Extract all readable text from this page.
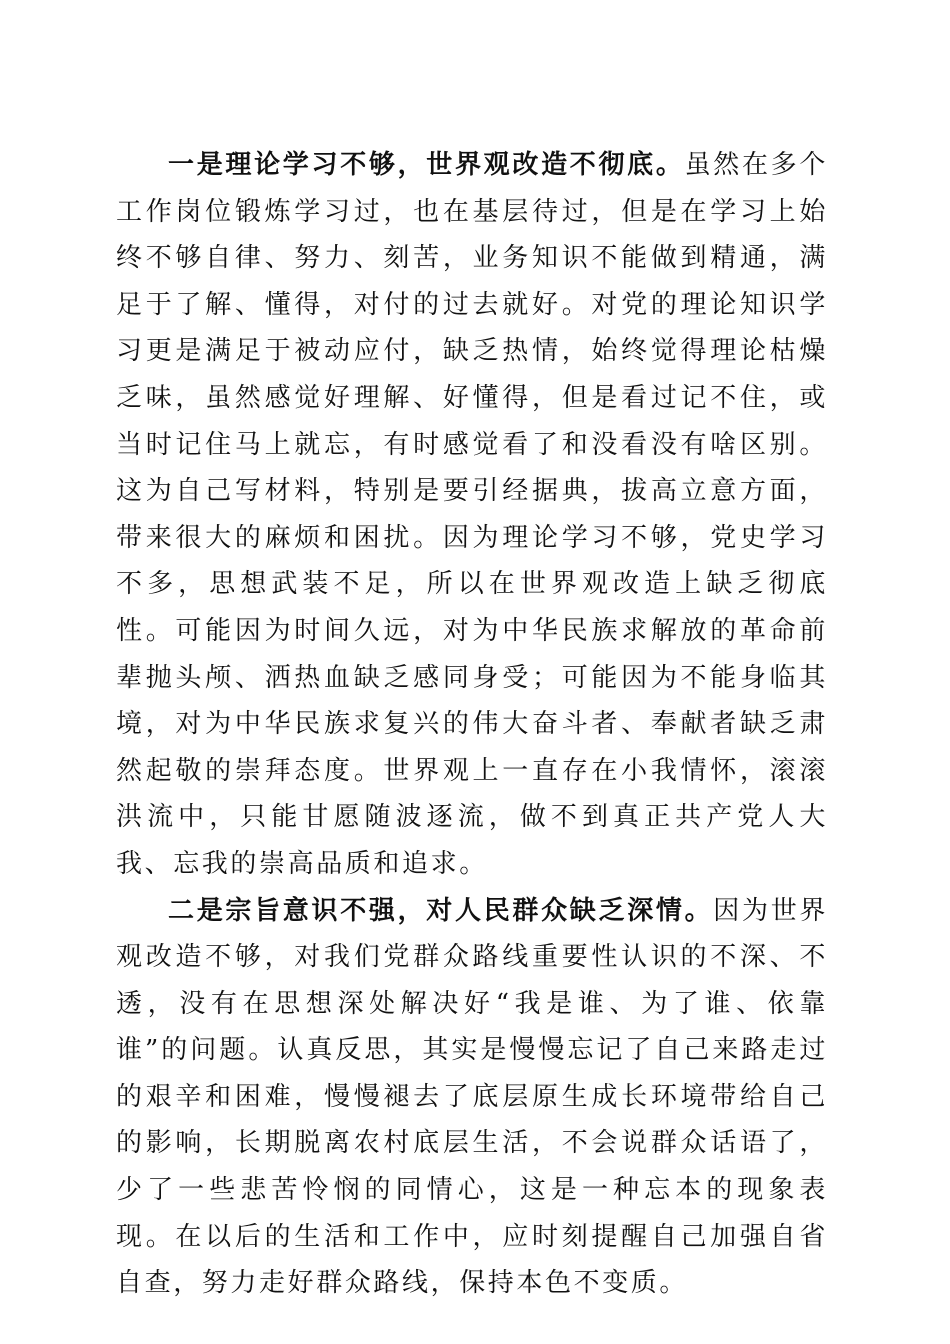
一是理论学习不够，世界观改造不彻底。虽然在多个工作岗位锻炼学习过，也在基层待过，但是在学习上始终不够自律、努力、刻苦，业务知识不能做到精通，满足于了解、懂得，对付的过去就好。对党的理论知识学习更是满足于被动应付，缺乏热情，始终觉得理论枯燥乏味，虽然感觉好理解、好懂得，但是看过记不住，或当时记住马上就忘，有时感觉看了和没看没有啥区别。这为自己写材料，特别是要引经据典，拔高立意方面，带来很大的麻烦和困扰。因为理论学习不够，党史学习不多，思想武装不足，所以在世界观改造上缺乏彻底性。可能因为时间久远，对为中华民族求解放的革命前辈抛头颅、洒热血缺乏感同身受；可能因为不能身临其境，对为中华民族求复兴的伟大奋斗者、奉献者缺乏肃然起敬的崇拜态度。世界观上一直存在小我情怀，滚滚洪流中，只能甘愿随波逐流，做不到真正共产党人大我、忘我的崇高品质和追求。

二是宗旨意识不强，对人民群众缺乏深情。因为世界观改造不够，对我们党群众路线重要性认识的不深、不透，没有在思想深处解决好“我是谁、为了谁、依靠谁”的问题。认真反思，其实是慢慢忘记了自己来路走过的艰辛和困难，慢慢褪去了底层原生成长环境带给自己的影响，长期脱离农村底层生活，不会说群众话语了，少了一些悲苦怜悯的同情心，这是一种忘本的现象表现。在以后的生活和工作中，应时刻提醒自己加强自省自查，努力走好群众路线，保持本色不变质。
